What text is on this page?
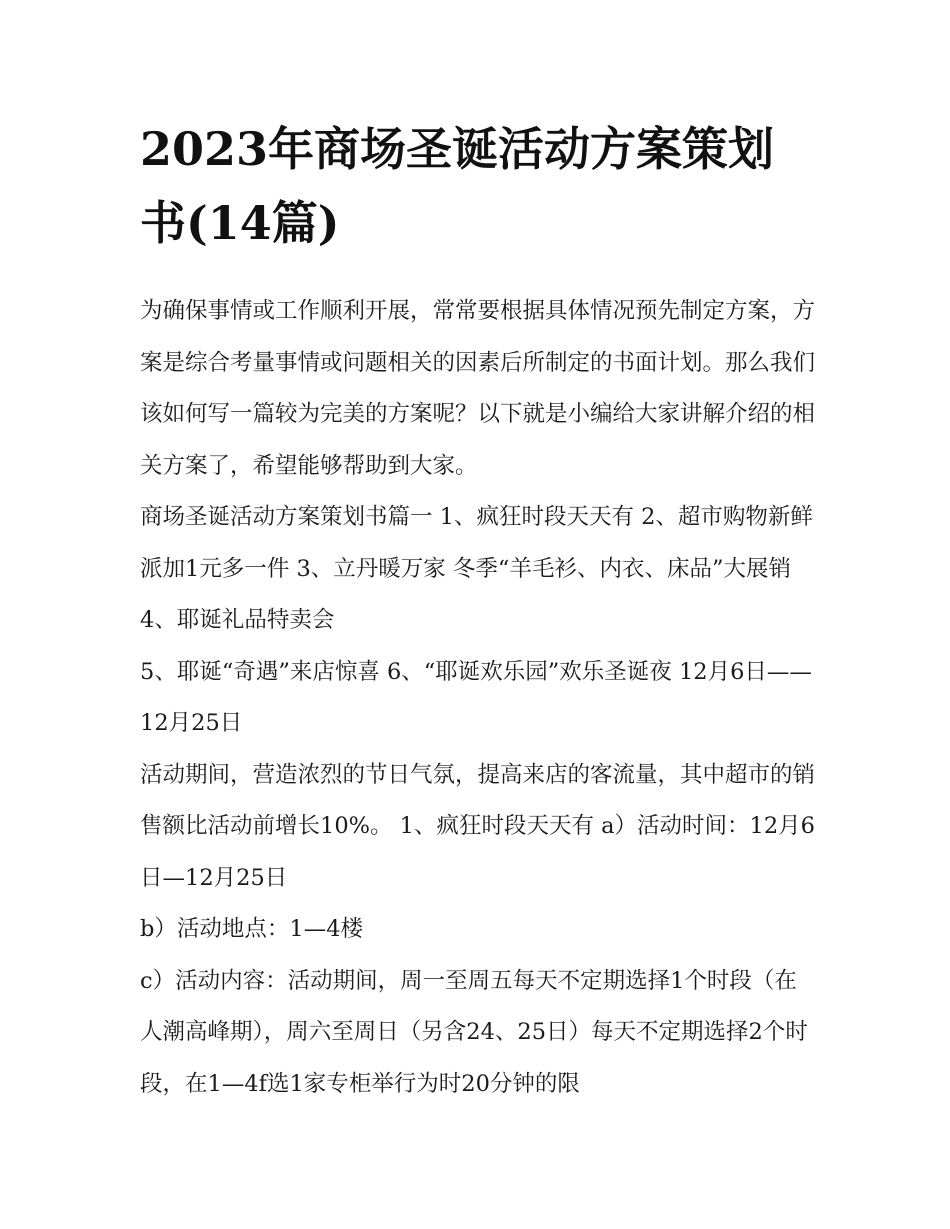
2023年商场圣诞活动方案策划书(14篇)

为确保事情或工作顺利开展，常常要根据具体情况预先制定方案，方案是综合考量事情或问题相关的因素后所制定的书面计划。那么我们该如何写一篇较为完美的方案呢？以下就是小编给大家讲解介绍的相关方案了，希望能够帮助到大家。

商场圣诞活动方案策划书篇一 1、疯狂时段天天有 2、超市购物新鲜派加1元多一件 3、立丹暖万家 冬季“羊毛衫、内衣、床品”大展销 4、耶诞礼品特卖会

5、耶诞“奇遇”来店惊喜 6、“耶诞欢乐园”欢乐圣诞夜 12月6日——12月25日

活动期间，营造浓烈的节日气氛，提高来店的客流量，其中超市的销售额比活动前增长10%。 1、疯狂时段天天有 a）活动时间：12月6日—12月25日

b）活动地点：1—4楼

c）活动内容：活动期间，周一至周五每天不定期选择1个时段（在人潮高峰期），周六至周日（另含24、25日）每天不定期选择2个时段，在1—4f选1家专柜举行为时20分钟的限
